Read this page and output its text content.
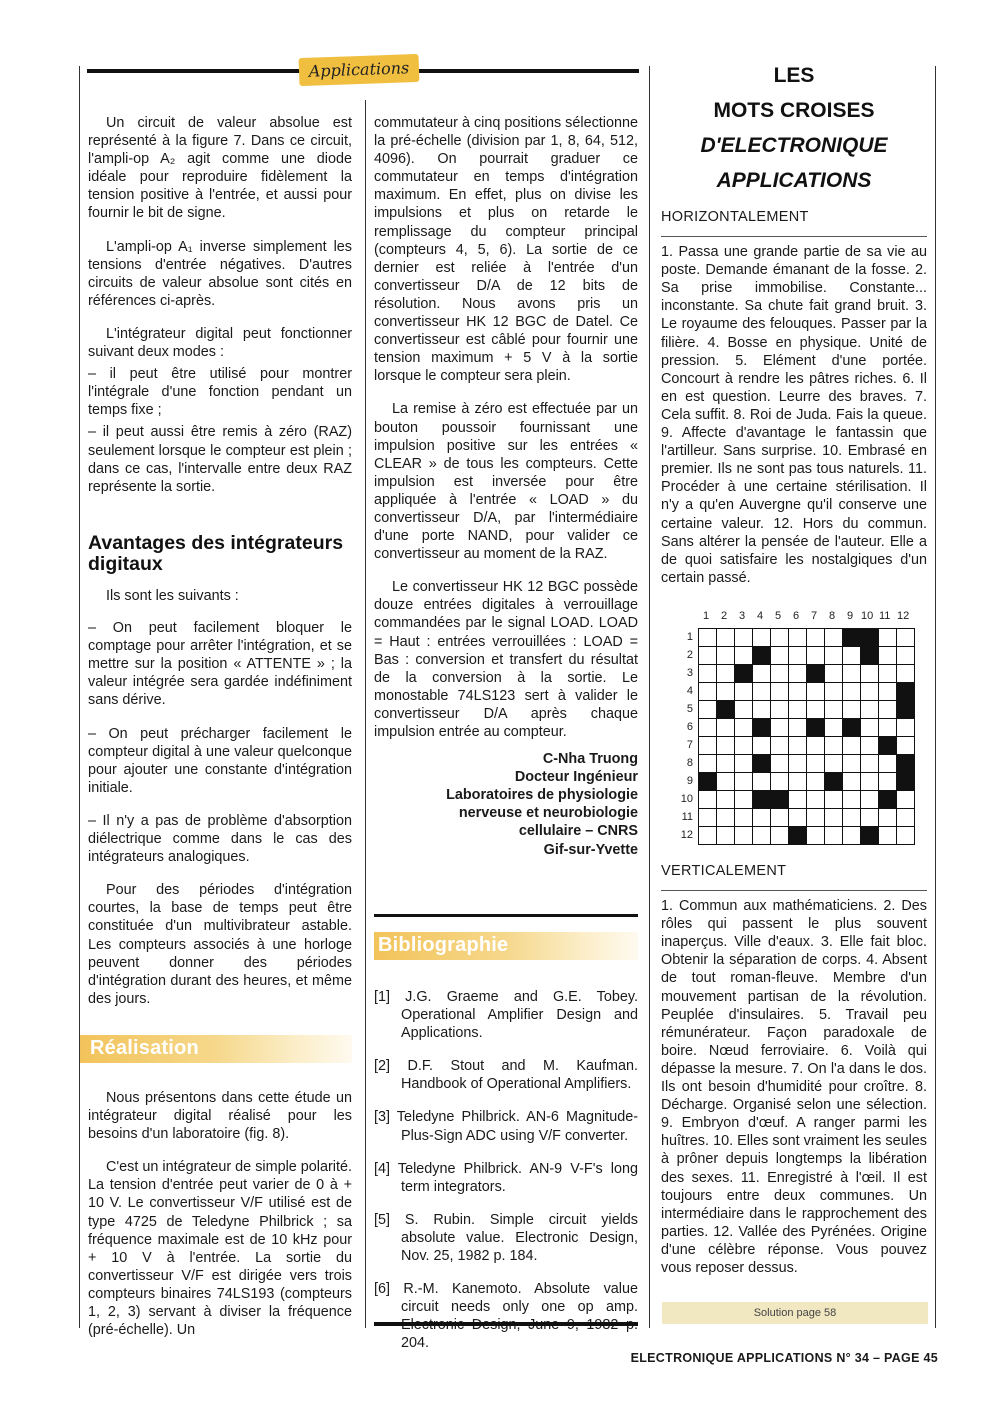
Applications

Un circuit de valeur absolue est représenté à la figure 7. Dans ce circuit, l'ampli-op A₂ agit comme une diode idéale pour reproduire fidèlement la tension positive à l'entrée, et aussi pour fournir le bit de signe.

L'ampli-op A₁ inverse simplement les tensions d'entrée négatives. D'autres circuits de valeur absolue sont cités en références ci-après.

L'intégrateur digital peut fonctionner suivant deux modes :

– il peut être utilisé pour montrer l'intégrale d'une fonction pendant un temps fixe ;

– il peut aussi être remis à zéro (RAZ) seulement lorsque le compteur est plein ; dans ce cas, l'intervalle entre deux RAZ représente la sortie.

Avantages des intégrateurs digitaux

Ils sont les suivants :

– On peut facilement bloquer le comptage pour arrêter l'intégration, et se mettre sur la position « ATTENTE » ; la valeur intégrée sera gardée indéfiniment sans dérive.

– On peut précharger facilement le compteur digital à une valeur quelconque pour ajouter une constante d'intégration initiale.

– Il n'y a pas de problème d'absorption diélectrique comme dans le cas des intégrateurs analogiques.

Pour des périodes d'intégration courtes, la base de temps peut être constituée d'un multivibrateur astable. Les compteurs associés à une horloge peuvent donner des périodes d'intégration durant des heures, et même des jours.

Réalisation

Nous présentons dans cette étude un intégrateur digital réalisé pour les besoins d'un laboratoire (fig. 8).

C'est un intégrateur de simple polarité. La tension d'entrée peut varier de 0 à + 10 V. Le convertisseur V/F utilisé est de type 4725 de Teledyne Philbrick ; sa fréquence maximale est de 10 kHz pour + 10 V à l'entrée. La sortie du convertisseur V/F est dirigée vers trois compteurs binaires 74LS193 (compteurs 1, 2, 3) servant à diviser la fréquence (pré-échelle). Un

commutateur à cinq positions sélectionne la pré-échelle (division par 1, 8, 64, 512, 4096). On pourrait graduer ce commutateur en temps d'intégration maximum. En effet, plus on divise les impulsions et plus on retarde le remplissage du compteur principal (compteurs 4, 5, 6). La sortie de ce dernier est reliée à l'entrée d'un convertisseur D/A de 12 bits de résolution. Nous avons pris un convertisseur HK 12 BGC de Datel. Ce convertisseur est câblé pour fournir une tension maximum + 5 V à la sortie lorsque le compteur sera plein.

La remise à zéro est effectuée par un bouton poussoir fournissant une impulsion positive sur les entrées « CLEAR » de tous les compteurs. Cette impulsion est inversée pour être appliquée à l'entrée « LOAD » du convertisseur D/A, par l'intermédiaire d'une porte NAND, pour valider ce convertisseur au moment de la RAZ.

Le convertisseur HK 12 BGC possède douze entrées digitales à verrouillage commandées par le signal LOAD. LOAD = Haut : entrées verrouillées : LOAD = Bas : conversion et transfert du résultat de la conversion à la sortie. Le monostable 74LS123 sert à valider le convertisseur D/A après chaque impulsion entrée au compteur.

C-Nha Truong
Docteur Ingénieur
Laboratoires de physiologie
nerveuse et neurobiologie
cellulaire – CNRS
Gif-sur-Yvette
Bibliographie

[1] J.G. Graeme and G.E. Tobey. Operational Amplifier Design and Applications.

[2] D.F. Stout and M. Kaufman. Handbook of Operational Amplifiers.

[3] Teledyne Philbrick. AN-6 Magnitude-Plus-Sign ADC using V/F converter.

[4] Teledyne Philbrick. AN-9 V-F's long term integrators.

[5] S. Rubin. Simple circuit yields absolute value. Electronic Design, Nov. 25, 1982 p. 184.

[6] R.-M. Kanemoto. Absolute value circuit needs only one op amp. 204.

LES
MOTS CROISES
D'ELECTRONIQUE
APPLICATIONS

HORIZONTALEMENT

1. Passa une grande partie de sa vie au poste. Demande émanant de la fosse. 2. Sa prise immobilise. Constante... inconstante. Sa chute fait grand bruit. 3. Le royaume des felouques. Passer par la filière. 4. Bosse en physique. Unité de pression. 5. Elément d'une portée. Concourt à rendre les pâtres riches. 6. Il en est question. Leurre des braves. 7. Cela suffit. 8. Roi de Juda. Fais la queue. 9. Affecte d'avantage le fantassin que l'artilleur. Sans surprise. 10. Embrasé en premier. Ils ne sont pas tous naturels. 11. Procéder à une certaine stérilisation. Il n'y a qu'en Auvergne qu'il conserve une certaine valeur. 12. Hors du commun. Sans altérer la pensée de l'auteur. Elle a de quoi satisfaire les nostalgiques d'un certain passé.

1 2 3 4 5 6 7 8 9 10 11 12
1
2
3
4
5
6
7
8
9
10
11
12

VERTICALEMENT

1. Commun aux mathématiciens. 2. Des rôles qui passent le plus souvent inaperçus. Ville d'eaux. 3. Elle fait bloc. Obtenir la séparation de corps. 4. Absent de tout roman-fleuve. Membre d'un mouvement partisan de la révolution. Peuplée d'insulaires. 5. Travail peu rémunérateur. Façon paradoxale de boire. Nœud ferroviaire. 6. Voilà qui dépasse la mesure. 7. On l'a dans le dos. Ils ont besoin d'humidité pour croître. 8. Décharge. Organisé selon une sélection. 9. Embryon d'œuf. A ranger parmi les huîtres. 10. Elles sont vraiment les seules à prôner depuis longtemps la libération des sexes. 11. Enregistré à l'œil. Il est toujours entre deux communes. Un intermédiaire dans le rapprochement des parties. 12. Vallée des Pyrénées. Origine d'une célèbre réponse. Vous pouvez vous reposer dessus.

Solution page 58
ELECTRONIQUE APPLICATIONS N° 34 – PAGE 45
